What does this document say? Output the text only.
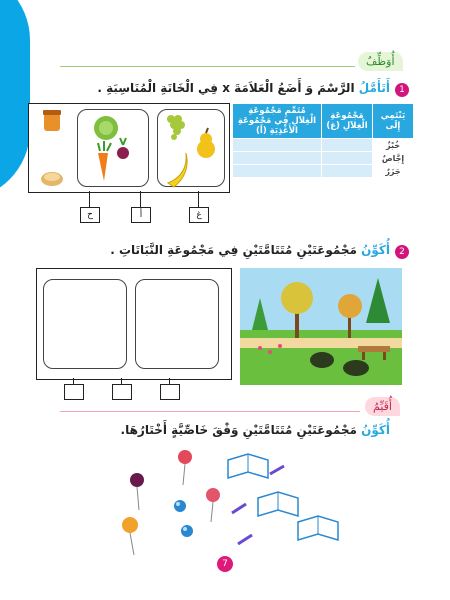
أُوَظِّفُ
1
أَتَأَمَّلُ الرَّسْمَ وَ أَضَعُ الْعَلاَمَةَ x فِي الْخَانَةِ الْمُنَاسِبَةِ .
ح	أ	غ
يَنْتَمِي إِلَى	مَجْمُوعَةِ الْغِلاَلِ (غ)	مُتَمِّمِ مَجْمُوعَةِ الْغِلاَلِ فِي مَجْمُوعَةِ الأَغْذِيَةِ (أ)
خُبْزٌ		
إِجَّاصٌ		
جَزَرٌ		
2
أُكَوِّنُ مَجْمُوعَتَيْنِ مُتَتَامَّتَيْنِ فِي مَجْمُوعَةِ النَّبَاتَاتِ .
أُقَيِّمُ
أُكَوِّنُ مَجْمُوعَتَيْنِ مُتَتَامَّتَيْنِ وَفْقَ خَاصِّيَّةٍ أَخْتَارُهَا.
7
